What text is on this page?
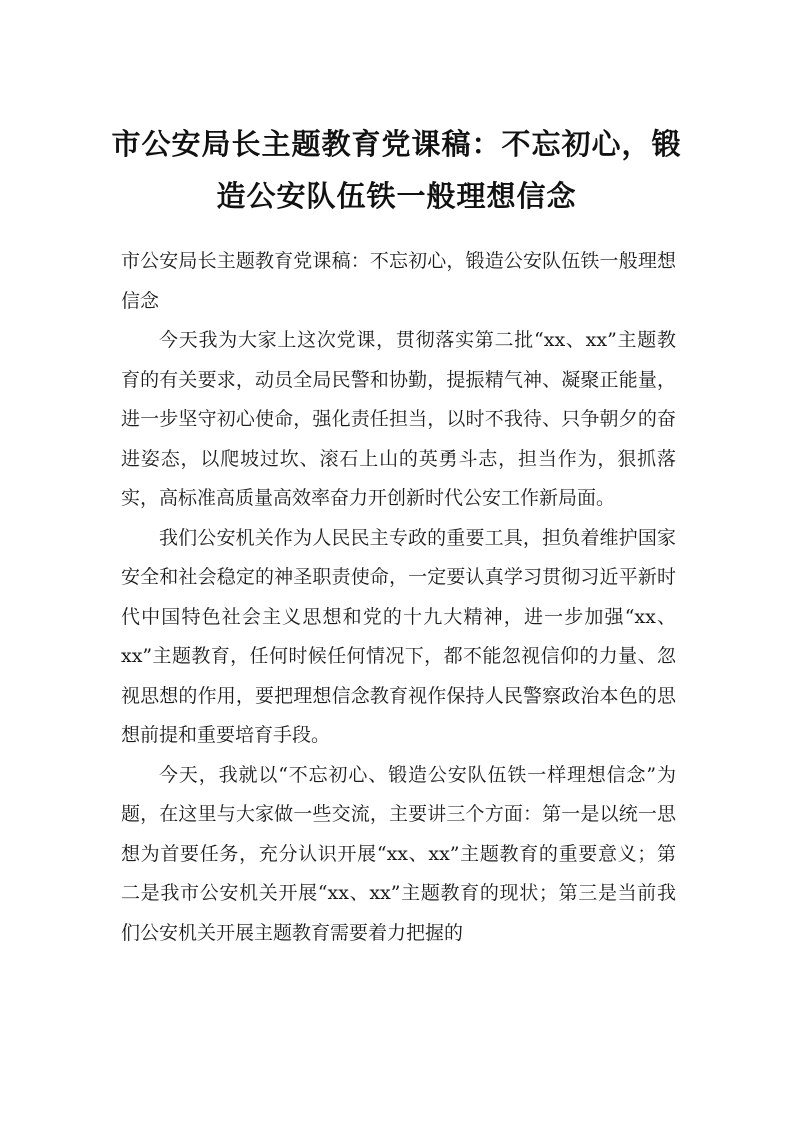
市公安局长主题教育党课稿：不忘初心，锻
造公安队伍铁一般理想信念

市公安局长主题教育党课稿：不忘初心，锻造公安队伍铁一般理想信念

今天我为大家上这次党课，贯彻落实第二批“xx、xx”主题教育的有关要求，动员全局民警和协勤，提振精气神、凝聚正能量，进一步坚守初心使命，强化责任担当，以时不我待、只争朝夕的奋进姿态，以爬坡过坎、滚石上山的英勇斗志，担当作为，狠抓落实，高标准高质量高效率奋力开创新时代公安工作新局面。

我们公安机关作为人民民主专政的重要工具，担负着维护国家安全和社会稳定的神圣职责使命，一定要认真学习贯彻习近平新时代中国特色社会主义思想和党的十九大精神，进一步加强“xx、xx”主题教育，任何时候任何情况下，都不能忽视信仰的力量、忽视思想的作用，要把理想信念教育视作保持人民警察政治本色的思想前提和重要培育手段。

今天，我就以“不忘初心、锻造公安队伍铁一样理想信念”为题，在这里与大家做一些交流，主要讲三个方面：第一是以统一思想为首要任务，充分认识开展“xx、xx”主题教育的重要意义；第二是我市公安机关开展“xx、xx”主题教育的现状；第三是当前我们公安机关开展主题教育需要着力把握的
